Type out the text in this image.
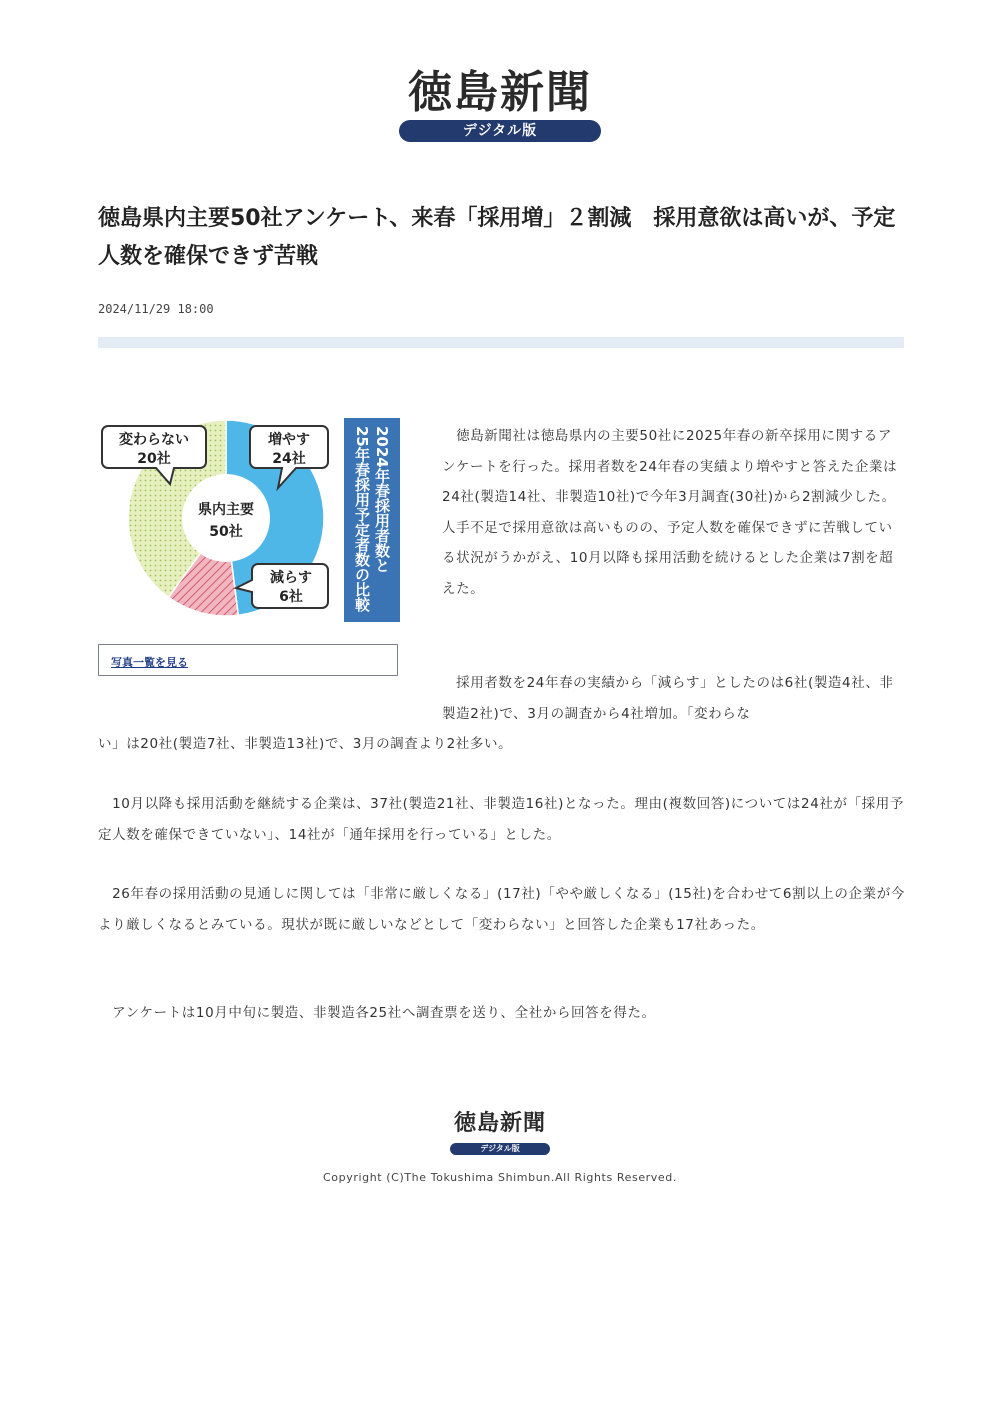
徳島新聞
デジタル版
徳島県内主要50社アンケート、来春「採用増」２割減　採用意欲は高いが、予定人数を確保できず苦戦
2024/11/29 18:00
県内主要
50社
増やす
24社
変わらない
20社
減らす
6社
2024年春採用者数と
25年春採用予定者数の比較
写真一覧を見る

　徳島新聞社は徳島県内の主要50社に2025年春の新卒採用に関するアンケートを行った。採用者数を24年春の実績より増やすと答えた企業は24社(製造14社、非製造10社)で今年3月調査(30社)から2割減少した。人手不足で採用意欲は高いものの、予定人数を確保できずに苦戦している状況がうかがえ、10月以降も採用活動を続けるとした企業は7割を超えた。

　採用者数を24年春の実績から「減らす」としたのは6社(製造4社、非製造2社)で、3月の調査から4社増加。「変わらな

い」は20社(製造7社、非製造13社)で、3月の調査より2社多い。

　10月以降も採用活動を継続する企業は、37社(製造21社、非製造16社)となった。理由(複数回答)については24社が「採用予定人数を確保できていない」、14社が「通年採用を行っている」とした。

　26年春の採用活動の見通しに関しては「非常に厳しくなる」(17社)「やや厳しくなる」(15社)を合わせて6割以上の企業が今より厳しくなるとみている。現状が既に厳しいなどとして「変わらない」と回答した企業も17社あった。

　アンケートは10月中旬に製造、非製造各25社へ調査票を送り、全社から回答を得た。

徳島新聞
デジタル版
Copyright (C)The Tokushima Shimbun.All Rights Reserved.
